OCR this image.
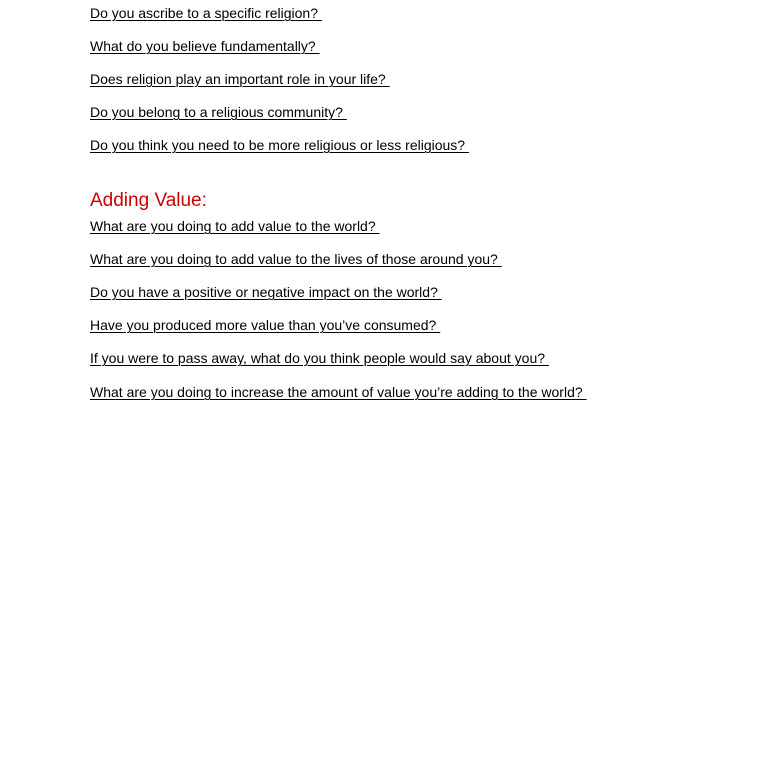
Do you ascribe to a specific religion?

What do you believe fundamentally?

Does religion play an important role in your life?

Do you belong to a religious community?

Do you think you need to be more religious or less religious?

Adding Value:

What are you doing to add value to the world?

What are you doing to add value to the lives of those around you?

Do you have a positive or negative impact on the world?

Have you produced more value than you’ve consumed?

If you were to pass away, what do you think people would say about you?

What are you doing to increase the amount of value you’re adding to the world?
